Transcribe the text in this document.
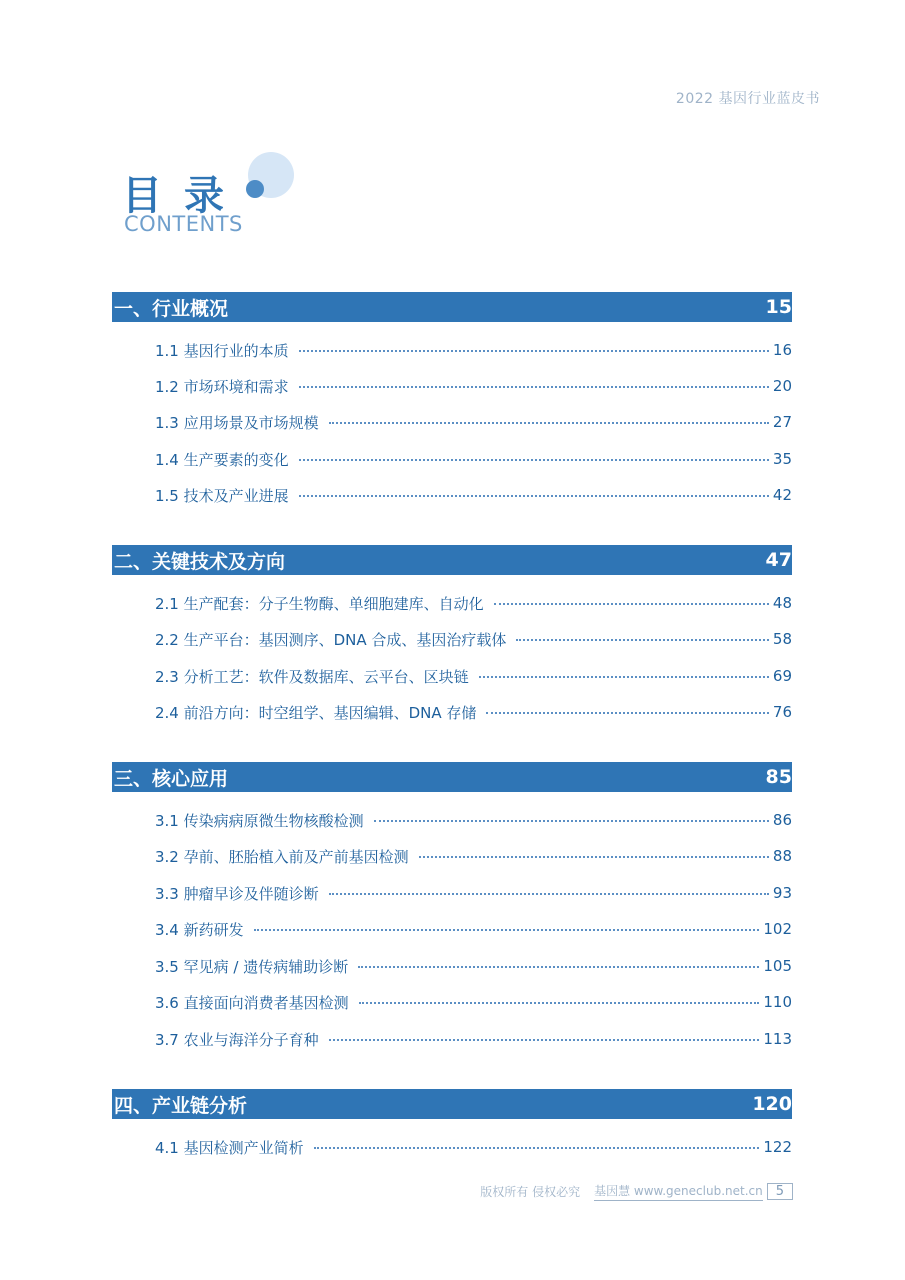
2022 基因行业蓝皮书
目录
CONTENTS
一、行业概况	15
1.1 基因行业的本质	16
1.2 市场环境和需求	20
1.3 应用场景及市场规模	27
1.4 生产要素的变化	35
1.5 技术及产业进展	42
二、关键技术及方向	47
2.1 生产配套：分子生物酶、单细胞建库、自动化	48
2.2 生产平台：基因测序、DNA 合成、基因治疗载体	58
2.3 分析工艺：软件及数据库、云平台、区块链	69
2.4 前沿方向：时空组学、基因编辑、DNA 存储	76
三、核心应用	85
3.1 传染病病原微生物核酸检测	86
3.2 孕前、胚胎植入前及产前基因检测	88
3.3 肿瘤早诊及伴随诊断	93
3.4 新药研发	102
3.5 罕见病 / 遗传病辅助诊断	105
3.6 直接面向消费者基因检测	110
3.7 农业与海洋分子育种	113
四、产业链分析	120
4.1 基因检测产业简析	122
版权所有 侵权必究 基因慧 www.geneclub.net.cn	5
